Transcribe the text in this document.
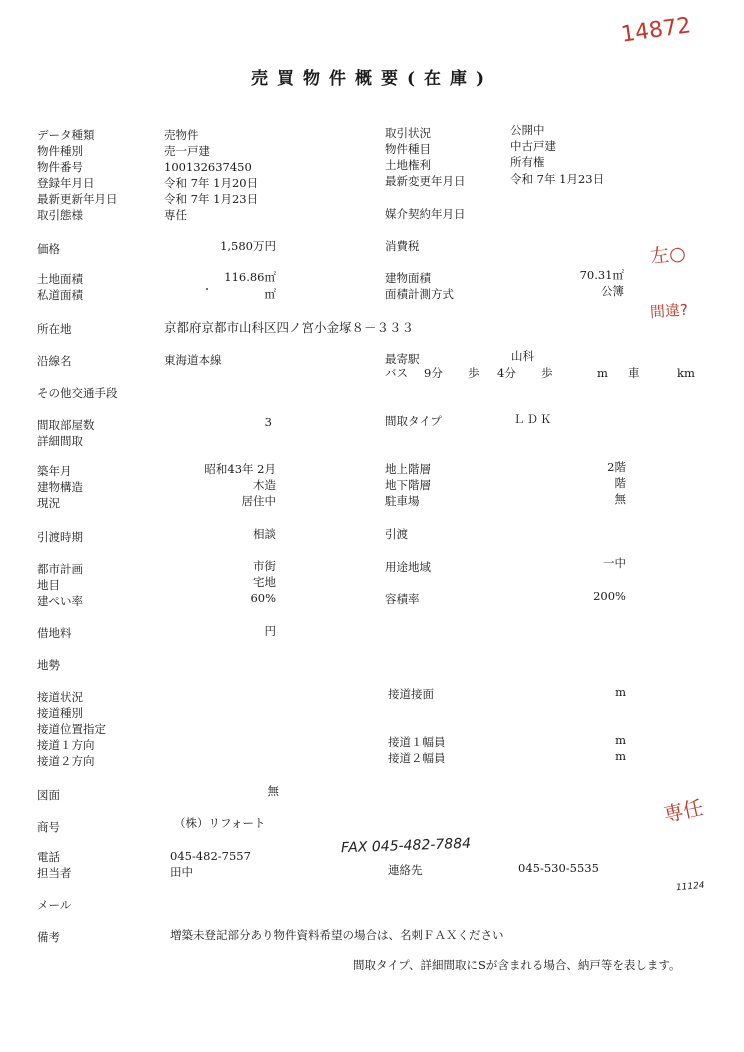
売買物件概要(在庫)
14872
左○
間違?
専任
FAX 045-482-7884
11124
データ種類
物件種別
物件番号
登録年月日
最新更新年月日
取引態様
価格
土地面積
私道面積
所在地
沿線名
その他交通手段
間取部屋数
詳細間取
築年月
建物構造
現況
引渡時期
都市計画
地目
建ぺい率
借地料
地勢
接道状況
接道種別
接道位置指定
接道１方向
接道２方向
図面
商号
電話
担当者
メール
備考
売物件
売一戸建
100132637450
令和 7年 1月20日
令和 7年 1月23日
専任
1,580万円
116.86㎡
㎡
京都府京都市山科区四ノ宮小金塚８－３３３
東海道本線
3
昭和43年 2月
木造
居住中
相談
市街
宅地
60%
円
無
（株）リフォート
045-482-7557
田中
増築未登記部分あり物件資料希望の場合は、名刺ＦＡＸください
取引状況
物件種目
土地権利
最新変更年月日
媒介契約年月日
消費税
建物面積
面積計測方式
最寄駅
バス
間取タイプ
地上階層
地下階層
駐車場
引渡
用途地域
容積率
接道接面
接道１幅員
接道２幅員
連絡先
公開中
中古戸建
所有権
令和 7年 1月23日
70.31㎡
公簿
山科
9分 歩 4分 歩	m 車	km
ＬＤＫ
2階
階
無
一中
200%
m
m
m
045-530-5535
間取タイプ、詳細間取にSが含まれる場合、納戸等を表します。
